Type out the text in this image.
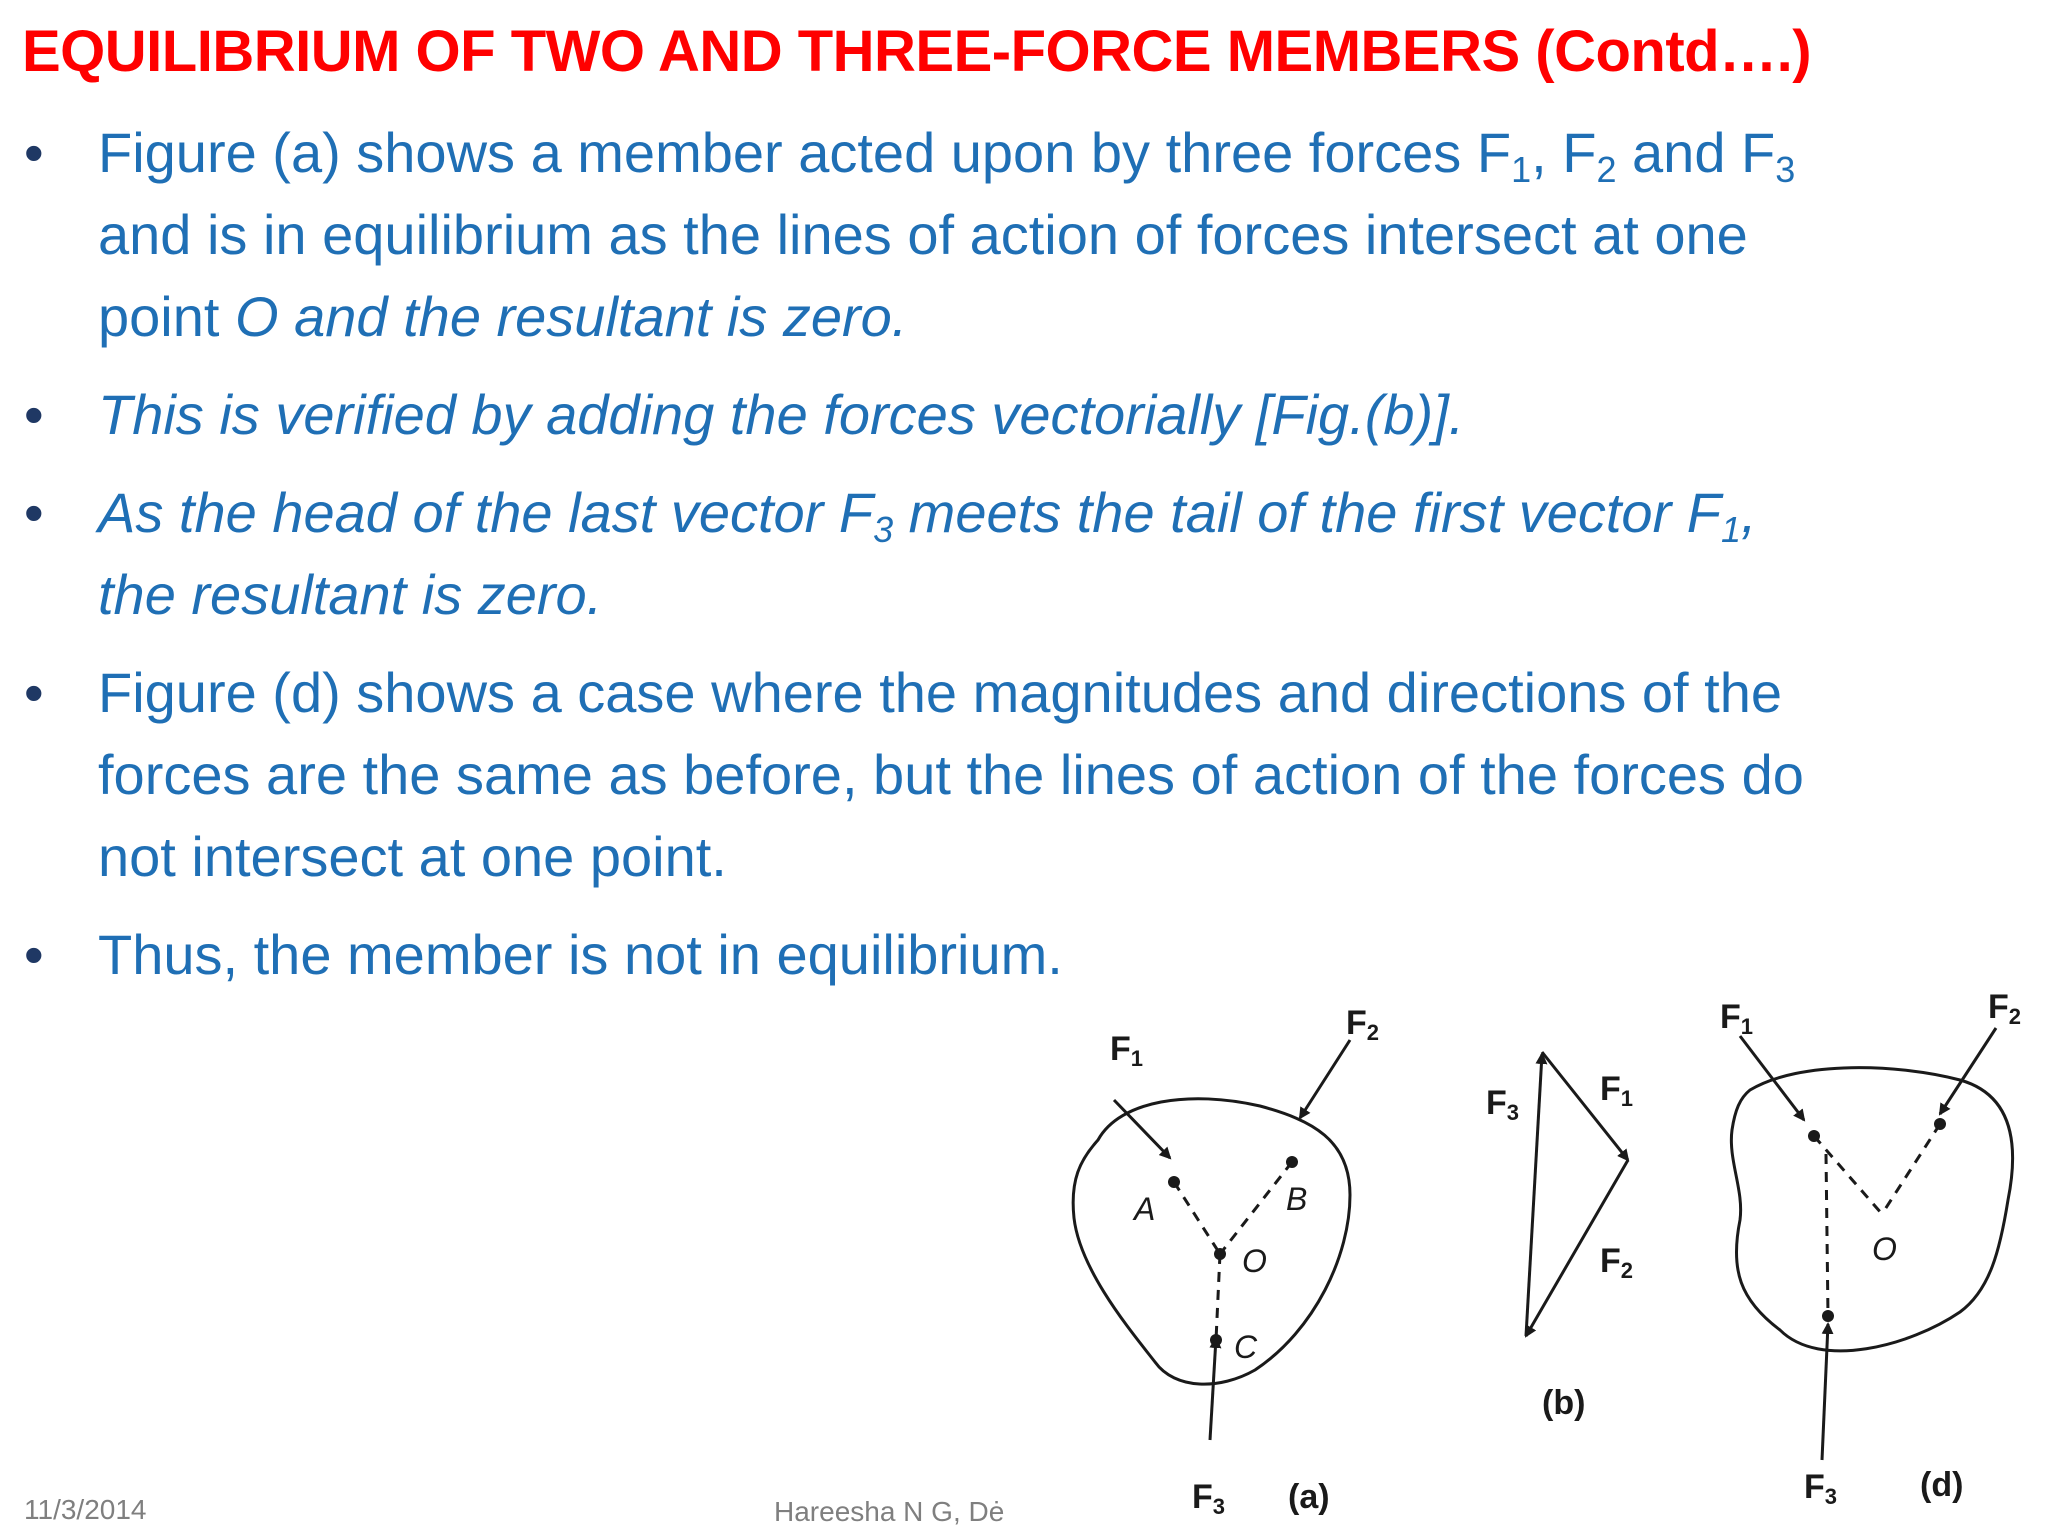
EQUILIBRIUM OF TWO AND THREE-FORCE MEMBERS (Contd….)
• Figure (a) shows a member acted upon by three forces $F_1$, $F_2$ and $F_3$
and is in equilibrium as the lines of action of forces intersect at one
point O and the resultant is zero.
• This is verified by adding the forces vectorially [Fig.(b)].
• As the head of the last vector $F_3$ meets the tail of the first vector $F_1$,
the resultant is zero.
• Figure (d) shows a case where the magnitudes and directions of the
forces are the same as before, but the lines of action of the forces do
not intersect at one point.
• Thus, the member is not in equilibrium.
F1
F2
F3
A	B
O
C
(a)
F1
F2
F3
(b)
F1
F2
F3
O
(d)
11/3/2014	Hareesha N G, Dė
